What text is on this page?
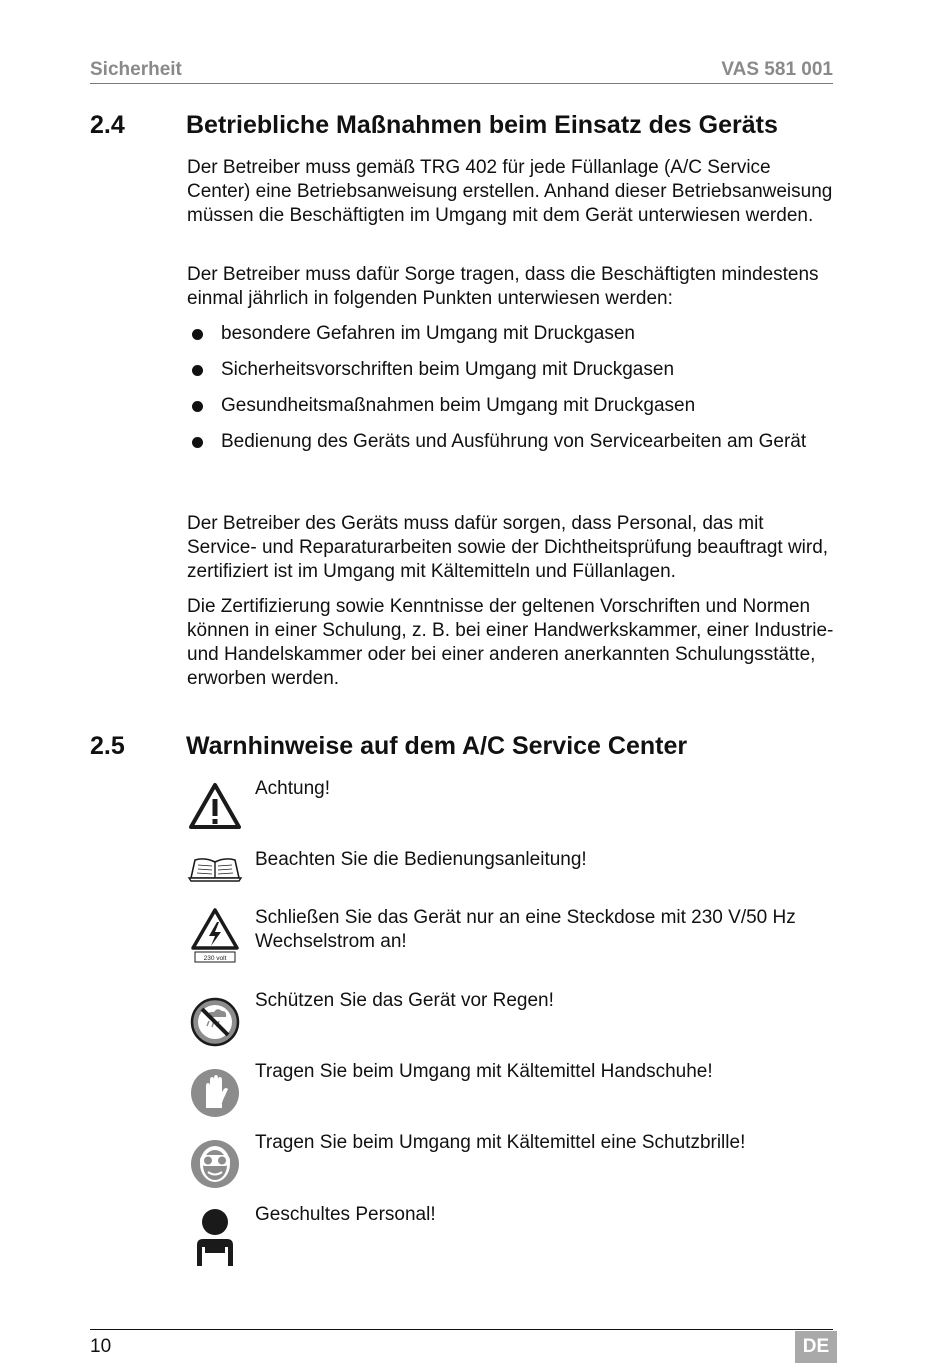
Sicherheit	VAS 581 001
2.4 Betriebliche Maßnahmen beim Einsatz des Geräts

Der Betreiber muss gemäß TRG 402 für jede Füllanlage (A/C Service Center) eine Betriebsanweisung erstellen. Anhand dieser Betriebsanweisung müssen die Beschäftigten im Umgang mit dem Gerät unterwiesen werden.

Der Betreiber muss dafür Sorge tragen, dass die Beschäftigten mindestens einmal jährlich in folgenden Punkten unterwiesen werden:

besondere Gefahren im Umgang mit Druckgasen
Sicherheitsvorschriften beim Umgang mit Druckgasen
Gesundheitsmaßnahmen beim Umgang mit Druckgasen
Bedienung des Geräts und Ausführung von Servicearbeiten am Gerät

Der Betreiber des Geräts muss dafür sorgen, dass Personal, das mit Service- und Reparaturarbeiten sowie der Dichtheitsprüfung beauftragt wird, zertifiziert ist im Umgang mit Kältemitteln und Füllanlagen.

Die Zertifizierung sowie Kenntnisse der geltenen Vorschriften und Normen können in einer Schulung, z. B. bei einer Handwerkskammer, einer Industrie- und Handelskammer oder bei einer anderen anerkannten Schulungsstätte, erworben werden.

2.5 Warnhinweise auf dem A/C Service Center
Achtung!
Beachten Sie die Bedienungsanleitung!
230 volt
Schließen Sie das Gerät nur an eine Steckdose mit 230 V/50 Hz Wechselstrom an!
Schützen Sie das Gerät vor Regen!
Tragen Sie beim Umgang mit Kältemittel Handschuhe!
Tragen Sie beim Umgang mit Kältemittel eine Schutzbrille!
Geschultes Personal!
10	DE
